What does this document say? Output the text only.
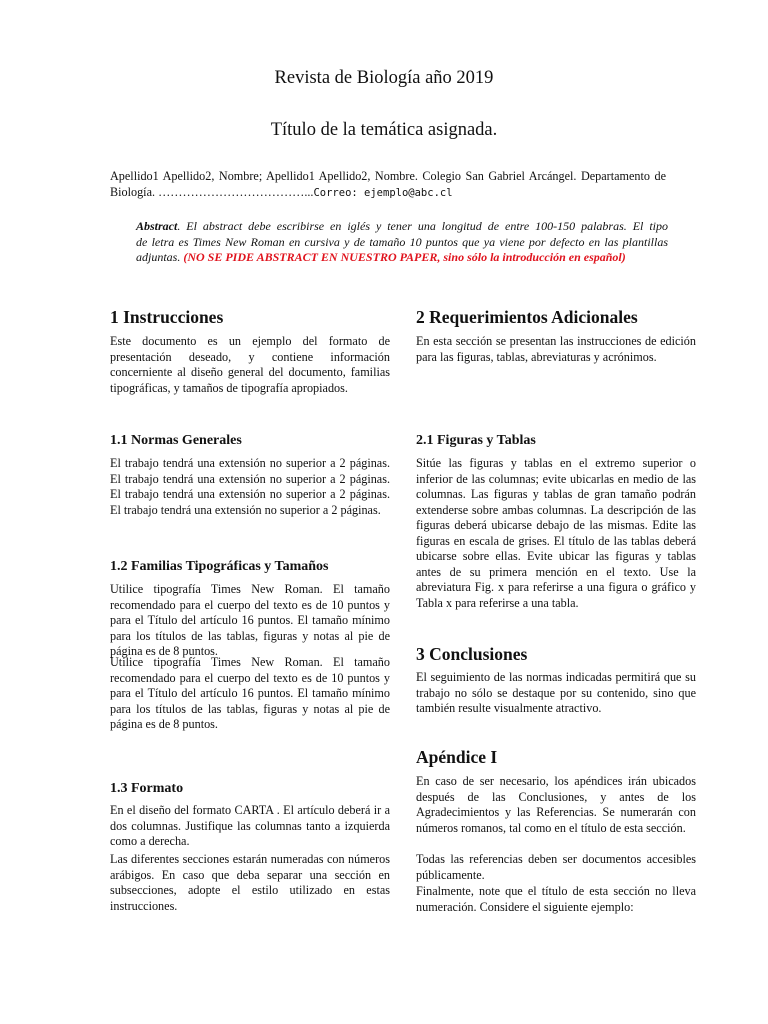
Revista de Biología año 2019
Título de la temática asignada.
Apellido1 Apellido2, Nombre; Apellido1 Apellido2, Nombre. Colegio San Gabriel Arcángel. Departamento de Biología. ………………………………...Correo: ejemplo@abc.cl
Abstract. El abstract debe escribirse en iglés y tener una longitud de entre 100-150 palabras. El tipo
de letra es Times New Roman en cursiva y de tamaño 10 puntos que ya viene por defecto en las plantillas adjuntas. (NO SE PIDE ABSTRACT EN NUESTRO PAPER, sino sólo la introducción en español)
1 Instrucciones

Este documento es un ejemplo del formato de presentación deseado, y contiene información concerniente al diseño general del documento, familias tipográficas, y tamaños de tipografía apropiados.

1.1 Normas Generales

El trabajo tendrá una extensión no superior a 2 páginas. El trabajo tendrá una extensión no superior a 2 páginas. El trabajo tendrá una extensión no superior a 2 páginas. El trabajo tendrá una extensión no superior a 2 páginas.

1.2 Familias Tipográficas y Tamaños

Utilice tipografía Times New Roman. El tamaño recomendado para el cuerpo del texto es de 10 puntos y para el Título del artículo 16 puntos. El tamaño mínimo para los títulos de las tablas, figuras y notas al pie de página es de 8 puntos.

Utilice tipografía Times New Roman. El tamaño recomendado para el cuerpo del texto es de 10 puntos y para el Título del artículo 16 puntos. El tamaño mínimo para los títulos de las tablas, figuras y notas al pie de página es de 8 puntos.

1.3 Formato

En el diseño del formato CARTA . El artículo deberá ir a dos columnas. Justifique las columnas tanto a izquierda como a derecha.

Las diferentes secciones estarán numeradas con números arábigos. En caso que deba separar una sección en subsecciones, adopte el estilo utilizado en estas instrucciones.

2 Requerimientos Adicionales

En esta sección se presentan las instrucciones de edición para las figuras, tablas, abreviaturas y acrónimos.

2.1 Figuras y Tablas

Sitúe las figuras y tablas en el extremo superior o inferior de las columnas; evite ubicarlas en medio de las columnas. Las figuras y tablas de gran tamaño podrán extenderse sobre ambas columnas. La descripción de las figuras deberá ubicarse debajo de las mismas. Edite las figuras en escala de grises. El título de las tablas deberá ubicarse sobre ellas. Evite ubicar las figuras y tablas antes de su primera mención en el texto. Use la abreviatura Fig. x para referirse a una figura o gráfico y Tabla x para referirse a una tabla.

3 Conclusiones

El seguimiento de las normas indicadas permitirá que su trabajo no sólo se destaque por su contenido, sino que también resulte visualmente atractivo.

Apéndice I

En caso de ser necesario, los apéndices irán ubicados después de las Conclusiones, y antes de los Agradecimientos y las Referencias. Se numerarán con números romanos, tal como en el título de esta sección.

Todas las referencias deben ser documentos accesibles públicamente.

Finalmente, note que el título de esta sección no lleva numeración. Considere el siguiente ejemplo:
